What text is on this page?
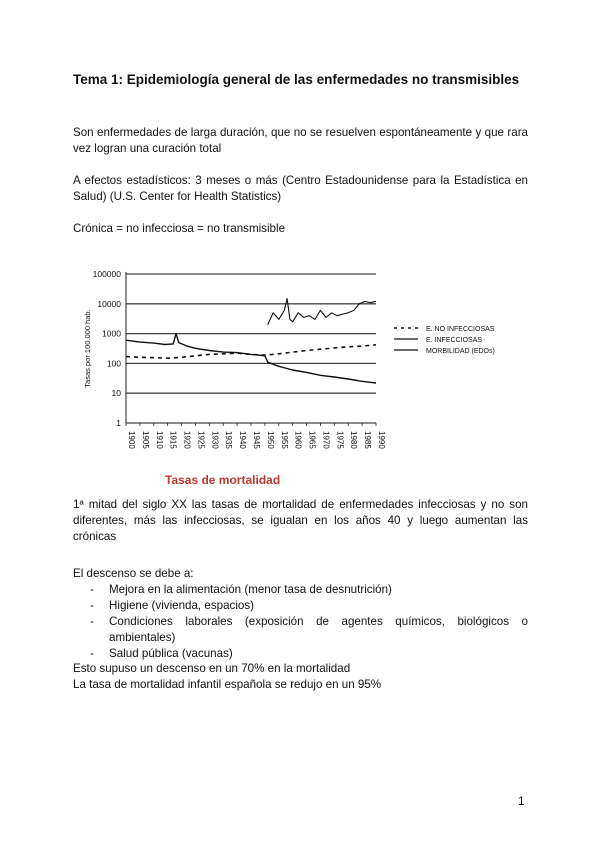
Tema 1: Epidemiología general de las enfermedades no transmisibles
Son enfermedades de larga duración, que no se resuelven espontáneamente y que rara vez logran una curación total
A efectos estadísticos: 3 meses o más (Centro Estadounidense para la Estadística en Salud) (U.S. Center for Health Statistics)
Crónica = no infecciosa = no transmisible
100000
10000
1000
100
10
1
1900 1905 1910 1915 1920 1925 1930 1935 1940 1945 1950 1955 1960 1965 1970 1975 1980 1985 1990
Tasas por 100.000 hab.	E. NO INFECCIOSAS
E. INFECCIOSAS
MORBILIDAD (EDOs)
Tasas de mortalidad
1ª mitad del siglo XX las tasas de mortalidad de enfermedades infecciosas y no son diferentes, más las infecciosas, se igualan en los años 40 y luego aumentan las crónicas
El descenso se debe a:
- Mejora en la alimentación (menor tasa de desnutrición)
- Higiene (vivienda, espacios)
- Condiciones laborales (exposición de agentes químicos, biológicos o ambientales)
- Salud pública (vacunas)
Esto supuso un descenso en un 70% en la mortalidad
La tasa de mortalidad infantil española se redujo en un 95%
1
